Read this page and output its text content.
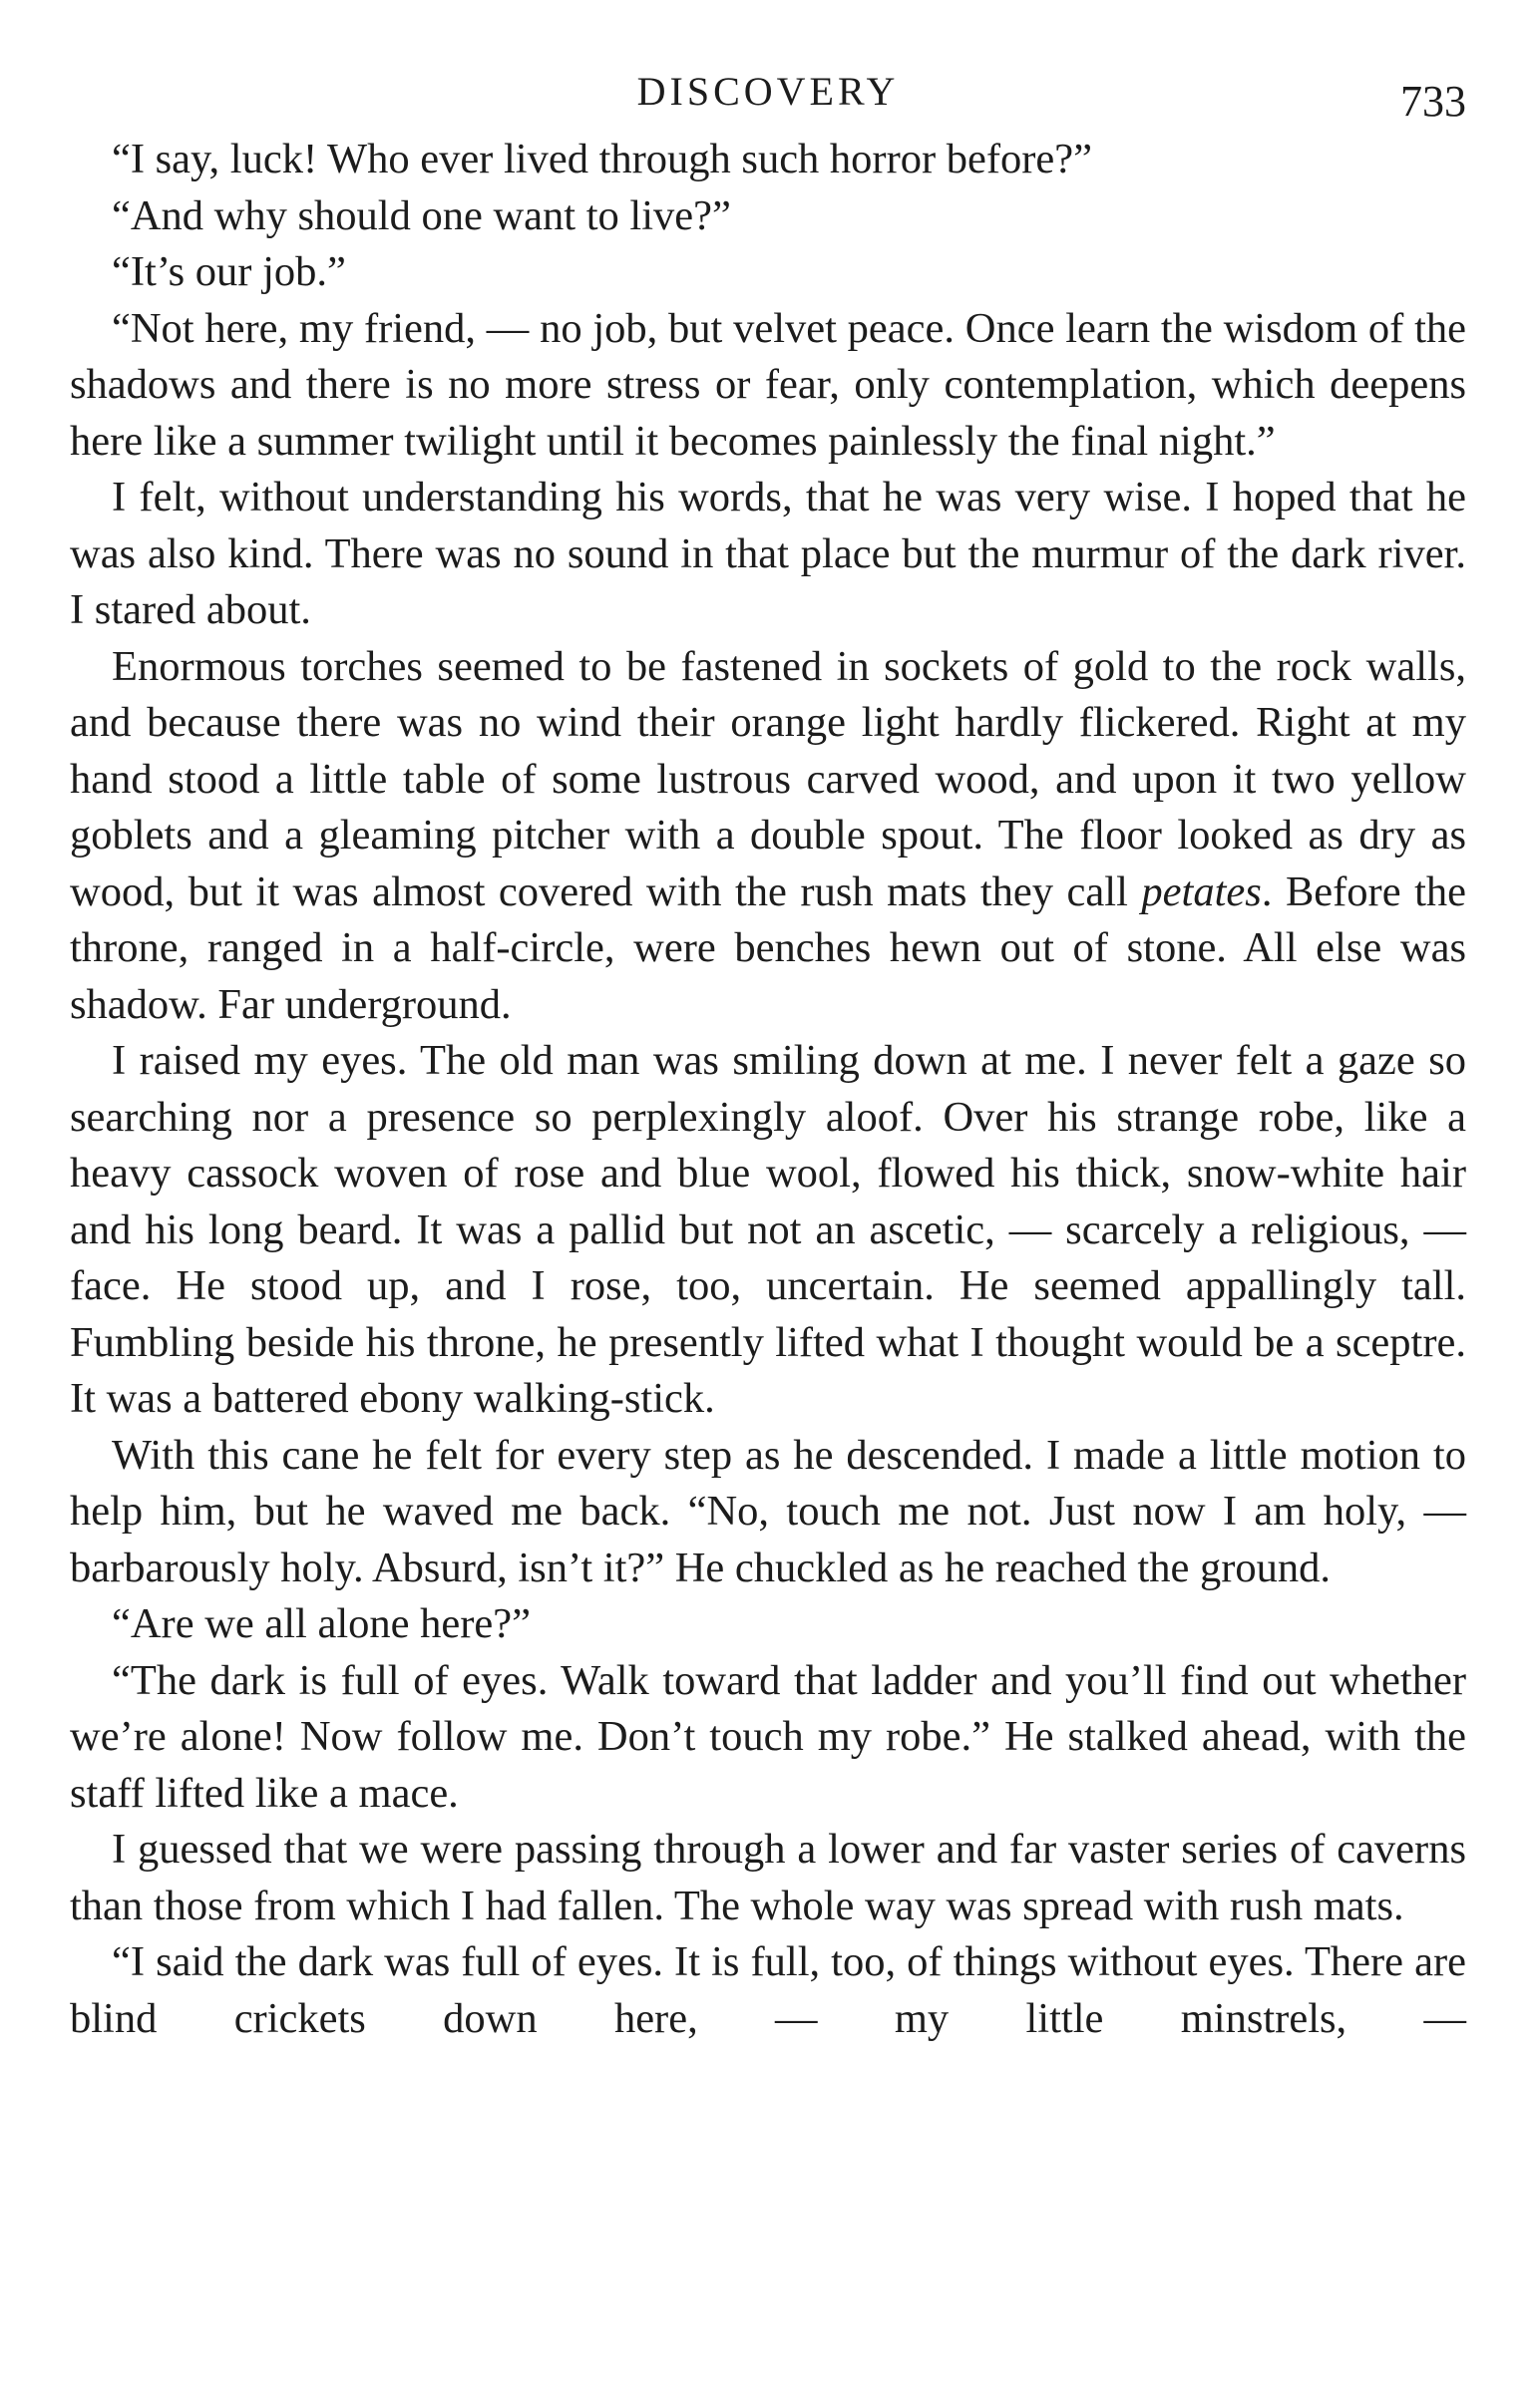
DISCOVERY	733

“I say, luck! Who ever lived through such horror before?”

“And why should one want to live?”

“It’s our job.”

“Not here, my friend, — no job, but velvet peace. Once learn the wisdom of the shadows and there is no more stress or fear, only contemplation, which deepens here like a summer twilight until it becomes painlessly the final night.”

I felt, without understanding his words, that he was very wise. I hoped that he was also kind. There was no sound in that place but the murmur of the dark river. I stared about.

Enormous torches seemed to be fastened in sockets of gold to the rock walls, and because there was no wind their orange light hardly flickered. Right at my hand stood a little table of some lustrous carved wood, and upon it two yellow goblets and a gleaming pitcher with a double spout. The floor looked as dry as wood, but it was almost covered with the rush mats they call petates. Before the throne, ranged in a half-circle, were benches hewn out of stone. All else was shadow. Far underground.

I raised my eyes. The old man was smiling down at me. I never felt a gaze so searching nor a presence so perplexingly aloof. Over his strange robe, like a heavy cassock woven of rose and blue wool, flowed his thick, snow-white hair and his long beard. It was a pallid but not an ascetic, — scarcely a religious, — face. He stood up, and I rose, too, uncertain. He seemed appallingly tall. Fumbling beside his throne, he presently lifted what I thought would be a sceptre. It was a battered ebony walking-stick.

With this cane he felt for every step as he descended. I made a little motion to help him, but he waved me back. “No, touch me not. Just now I am holy, — barbarously holy. Absurd, isn’t it?” He chuckled as he reached the ground.

“Are we all alone here?”

“The dark is full of eyes. Walk toward that ladder and you’ll find out whether we’re alone! Now follow me. Don’t touch my robe.” He stalked ahead, with the staff lifted like a mace.

I guessed that we were passing through a lower and far vaster series of caverns than those from which I had fallen. The whole way was spread with rush mats.

“I said the dark was full of eyes. It is full, too, of things without eyes. There are blind crickets down here, — my little minstrels, —
